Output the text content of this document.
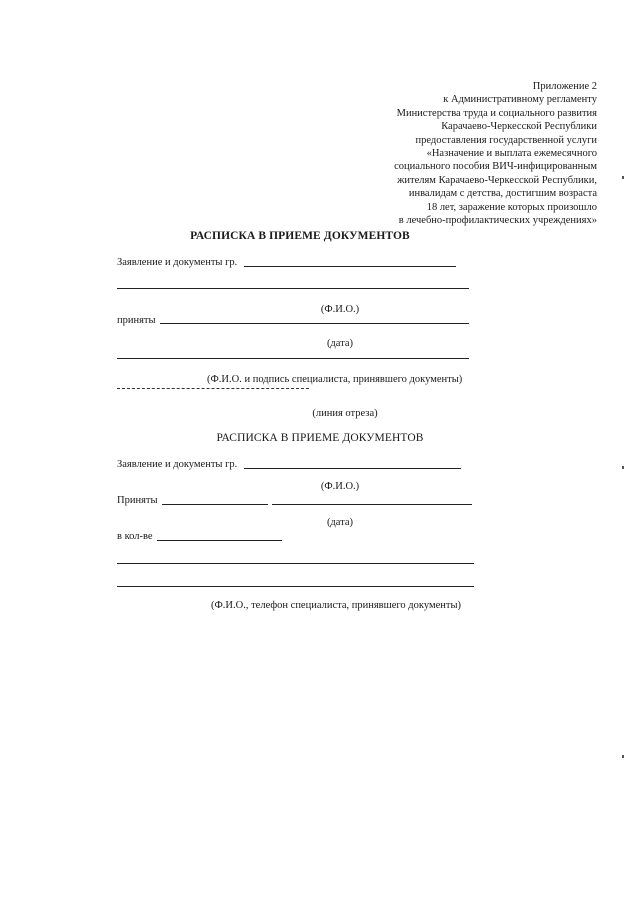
Приложение 2
к Административному регламенту
Министерства труда и социального развития
Карачаево-Черкесской Республики
предоставления государственной услуги
«Назначение и выплата ежемесячного
социального пособия ВИЧ-инфицированным
жителям Карачаево-Черкесской Республики,
инвалидам с детства, достигшим возраста
18 лет, заражение которых произошло
в лечебно-профилактических учреждениях»
РАСПИСКА В ПРИЕМЕ ДОКУМЕНТОВ
Заявление и документы гр.
(Ф.И.О.)
приняты
(дата)
(Ф.И.О. и подпись специалиста, принявшего документы)
(линия отреза)
РАСПИСКА В ПРИЕМЕ ДОКУМЕНТОВ
Заявление и документы гр.
(Ф.И.О.)
Приняты
(дата)
в кол-ве
(Ф.И.О., телефон специалиста, принявшего документы)
